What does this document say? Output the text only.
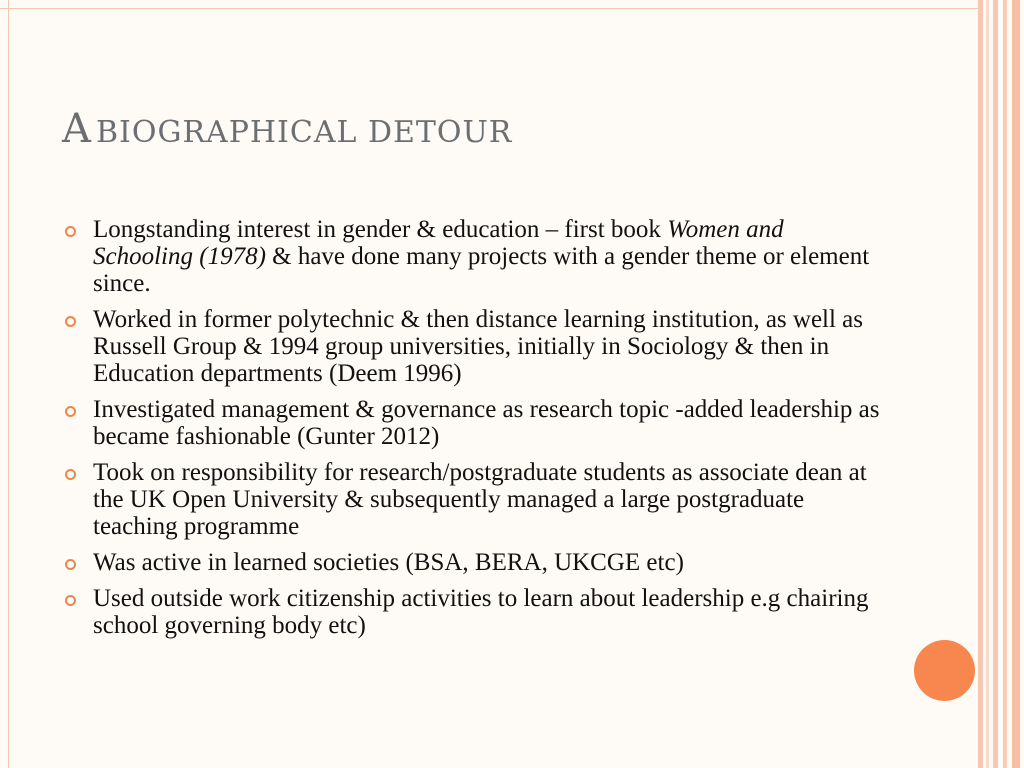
A BIOGRAPHICAL DETOUR
Longstanding interest in gender & education – first book Women and Schooling (1978) & have done many projects with a gender theme or element since.
Worked in former polytechnic & then distance learning institution, as well as Russell Group & 1994 group universities, initially in Sociology & then in Education departments (Deem 1996)
Investigated management & governance as research topic -added leadership as became fashionable (Gunter 2012)
Took on responsibility for research/postgraduate students as associate dean at the UK Open University & subsequently managed a large postgraduate teaching programme
Was active in learned societies (BSA, BERA, UKCGE etc)
Used outside work citizenship activities to learn about leadership e.g chairing school governing body etc)
